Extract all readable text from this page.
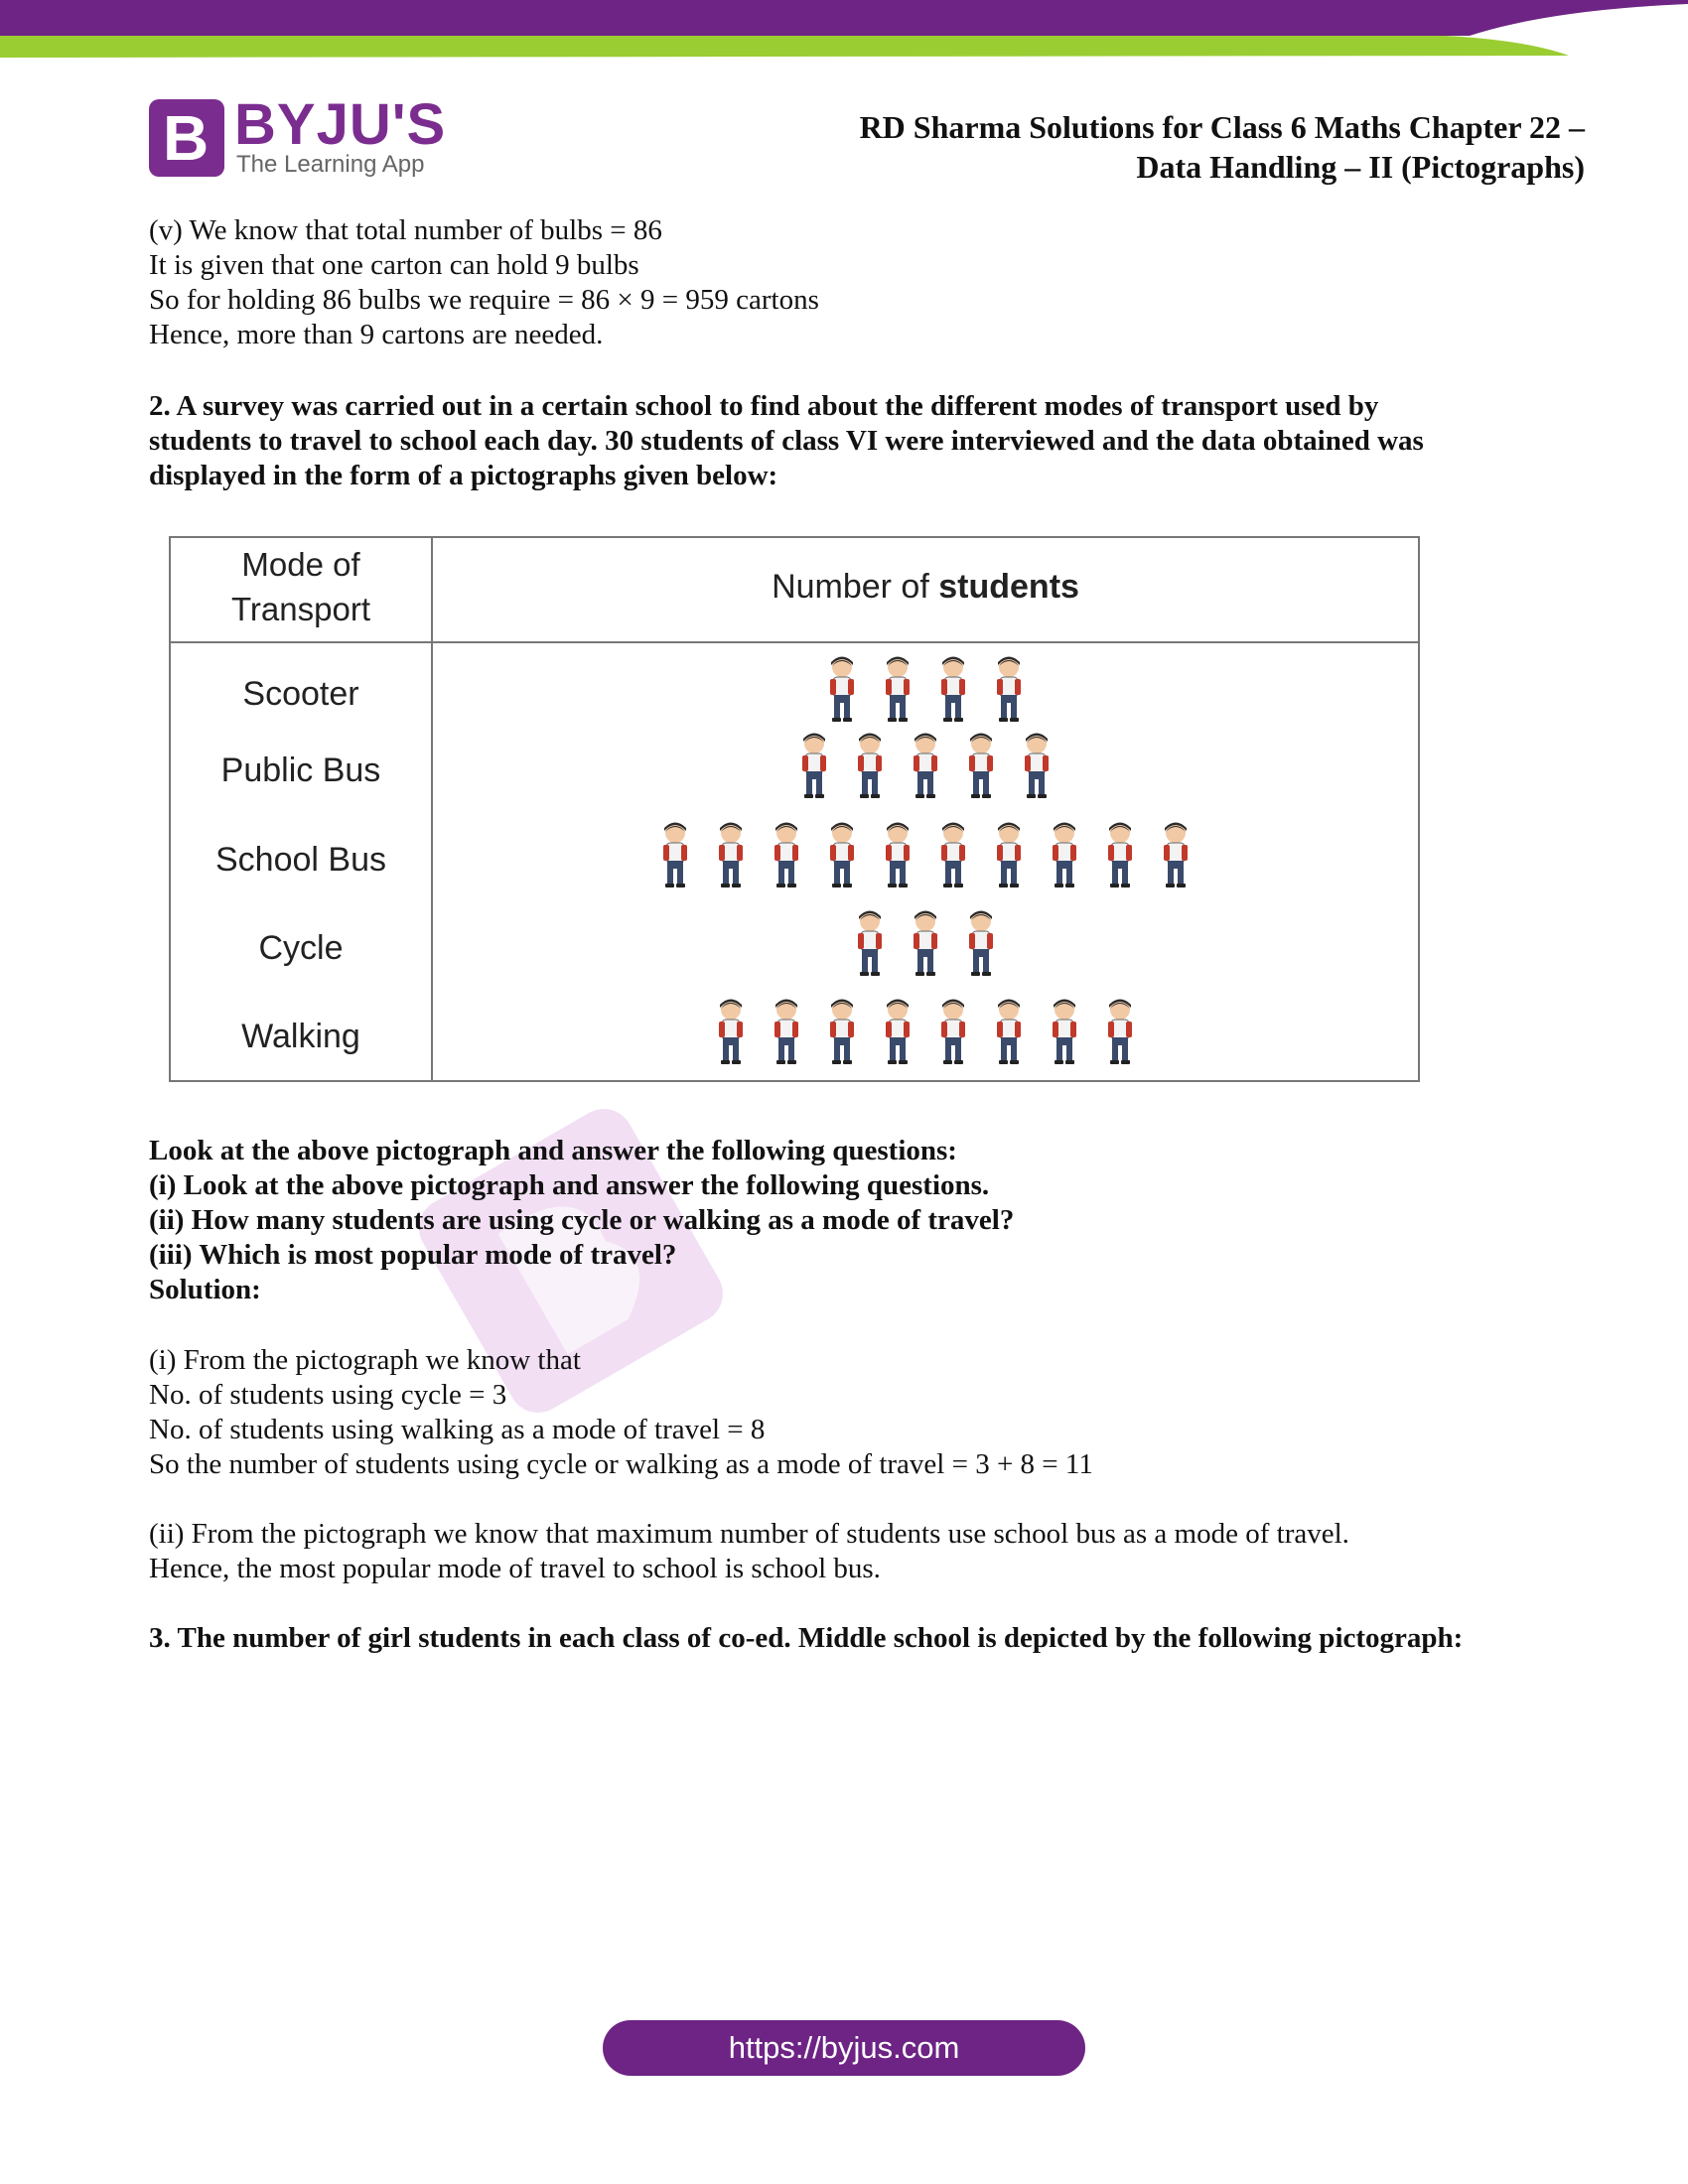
B BYJU'S
The Learning App
RD Sharma Solutions for Class 6 Maths Chapter 22 –
Data Handling – II (Pictographs)

(v) We know that total number of bulbs = 86

It is given that one carton can hold 9 bulbs

So for holding 86 bulbs we require = 86 × 9 = 959 cartons

Hence, more than 9 cartons are needed.

2. A survey was carried out in a certain school to find about the different modes of transport used by

students to travel to school each day. 30 students of class VI were interviewed and the data obtained was

displayed in the form of a pictographs given below:

Mode of
Transport
Number of students
Scooter
Public Bus
School Bus
Cycle
Walking

Look at the above pictograph and answer the following questions:

(i) Look at the above pictograph and answer the following questions.

(ii) How many students are using cycle or walking as a mode of travel?

(iii) Which is most popular mode of travel?

Solution:

(i) From the pictograph we know that

No. of students using cycle = 3

No. of students using walking as a mode of travel = 8

So the number of students using cycle or walking as a mode of travel = 3 + 8 = 11

(ii) From the pictograph we know that maximum number of students use school bus as a mode of travel.

Hence, the most popular mode of travel to school is school bus.

3. The number of girl students in each class of co-ed. Middle school is depicted by the following pictograph:

https://byjus.com
